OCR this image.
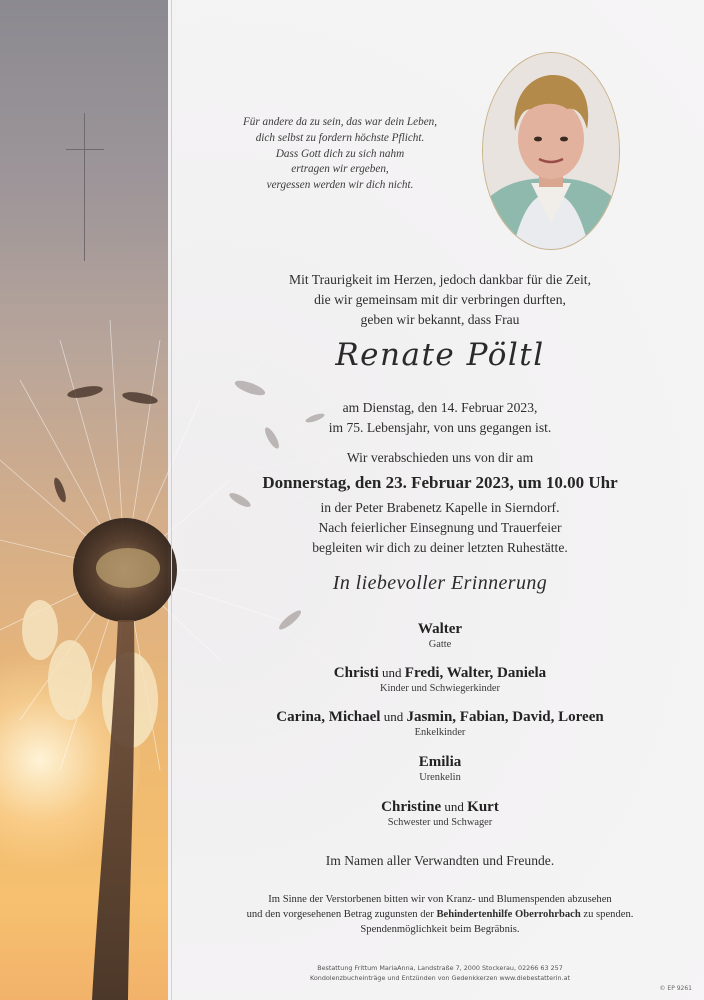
Für andere da zu sein, das war dein Leben,
dich selbst zu fordern höchste Pflicht.
Dass Gott dich zu sich nahm
ertragen wir ergeben,
vergessen werden wir dich nicht.
Mit Traurigkeit im Herzen, jedoch dankbar für die Zeit,
die wir gemeinsam mit dir verbringen durften,
geben wir bekannt, dass Frau
Renate Pöltl
am Dienstag, den 14. Februar 2023,
im 75. Lebensjahr, von uns gegangen ist.
Wir verabschieden uns von dir am
Donnerstag, den 23. Februar 2023, um 10.00 Uhr
in der Peter Brabenetz Kapelle in Sierndorf.
Nach feierlicher Einsegnung und Trauerfeier
begleiten wir dich zu deiner letzten Ruhestätte.
In liebevoller Erinnerung
Walter
Gatte
Christi und Fredi, Walter, Daniela
Kinder und Schwiegerkinder
Carina, Michael und Jasmin, Fabian, David, Loreen
Enkelkinder
Emilia
Urenkelin
Christine und Kurt
Schwester und Schwager
Im Namen aller Verwandten und Freunde.
Im Sinne der Verstorbenen bitten wir von Kranz- und Blumenspenden abzusehen
und den vorgesehenen Betrag zugunsten der Behindertenhilfe Oberrohrbach zu spenden.
Spendenmöglichkeit beim Begräbnis.
Bestattung Frittum MariaAnna, Landstraße 7, 2000 Stockerau, 02266 63 257
Kondolenzbucheinträge und Entzünden von Gedenkkerzen www.diebestatterin.at
© EP 9261
